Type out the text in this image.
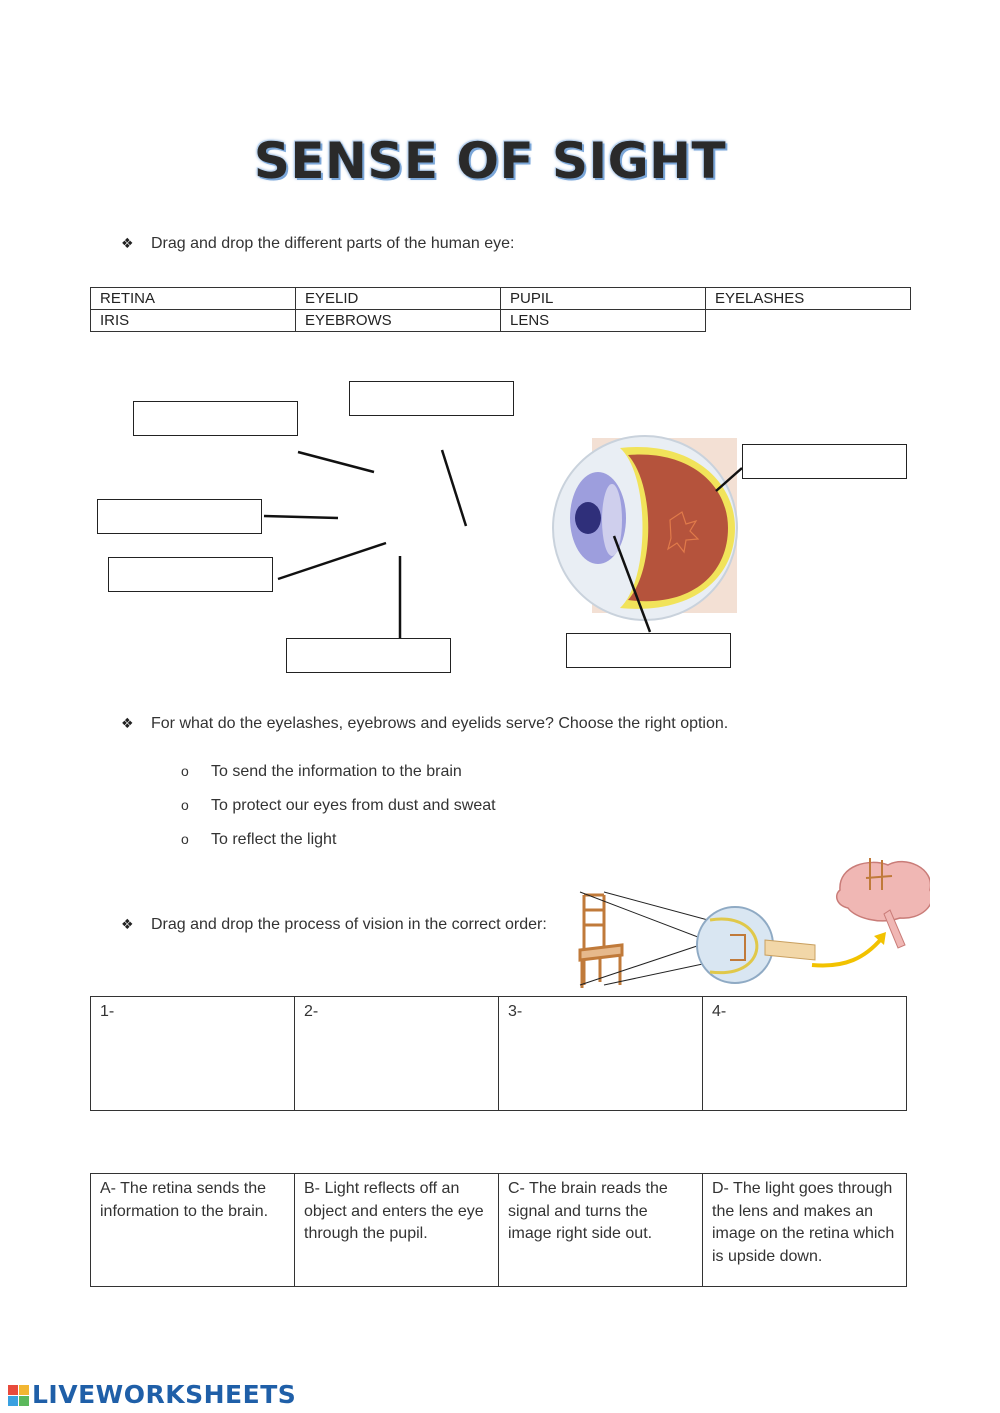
SENSE OF SIGHT
❖ Drag and drop the different parts of the human eye:
RETINA	EYELID	PUPIL	EYELASHES
IRIS	EYEBROWS	LENS	
❖ For what do the eyelashes, eyebrows and eyelids serve? Choose the right option.
o To send the information to the brain
o To protect our eyes from dust and sweat
o To reflect the light
❖ Drag and drop the process of vision in the correct order:
1-	2-	3-	4-
A- The retina sends the information to the brain.	B- Light reflects off an object and enters the eye through the pupil.	C- The brain reads the signal and turns the image right side out.	D- The light goes through the lens and makes an image on the retina which is upside down.
LIVEWORKSHEETS
